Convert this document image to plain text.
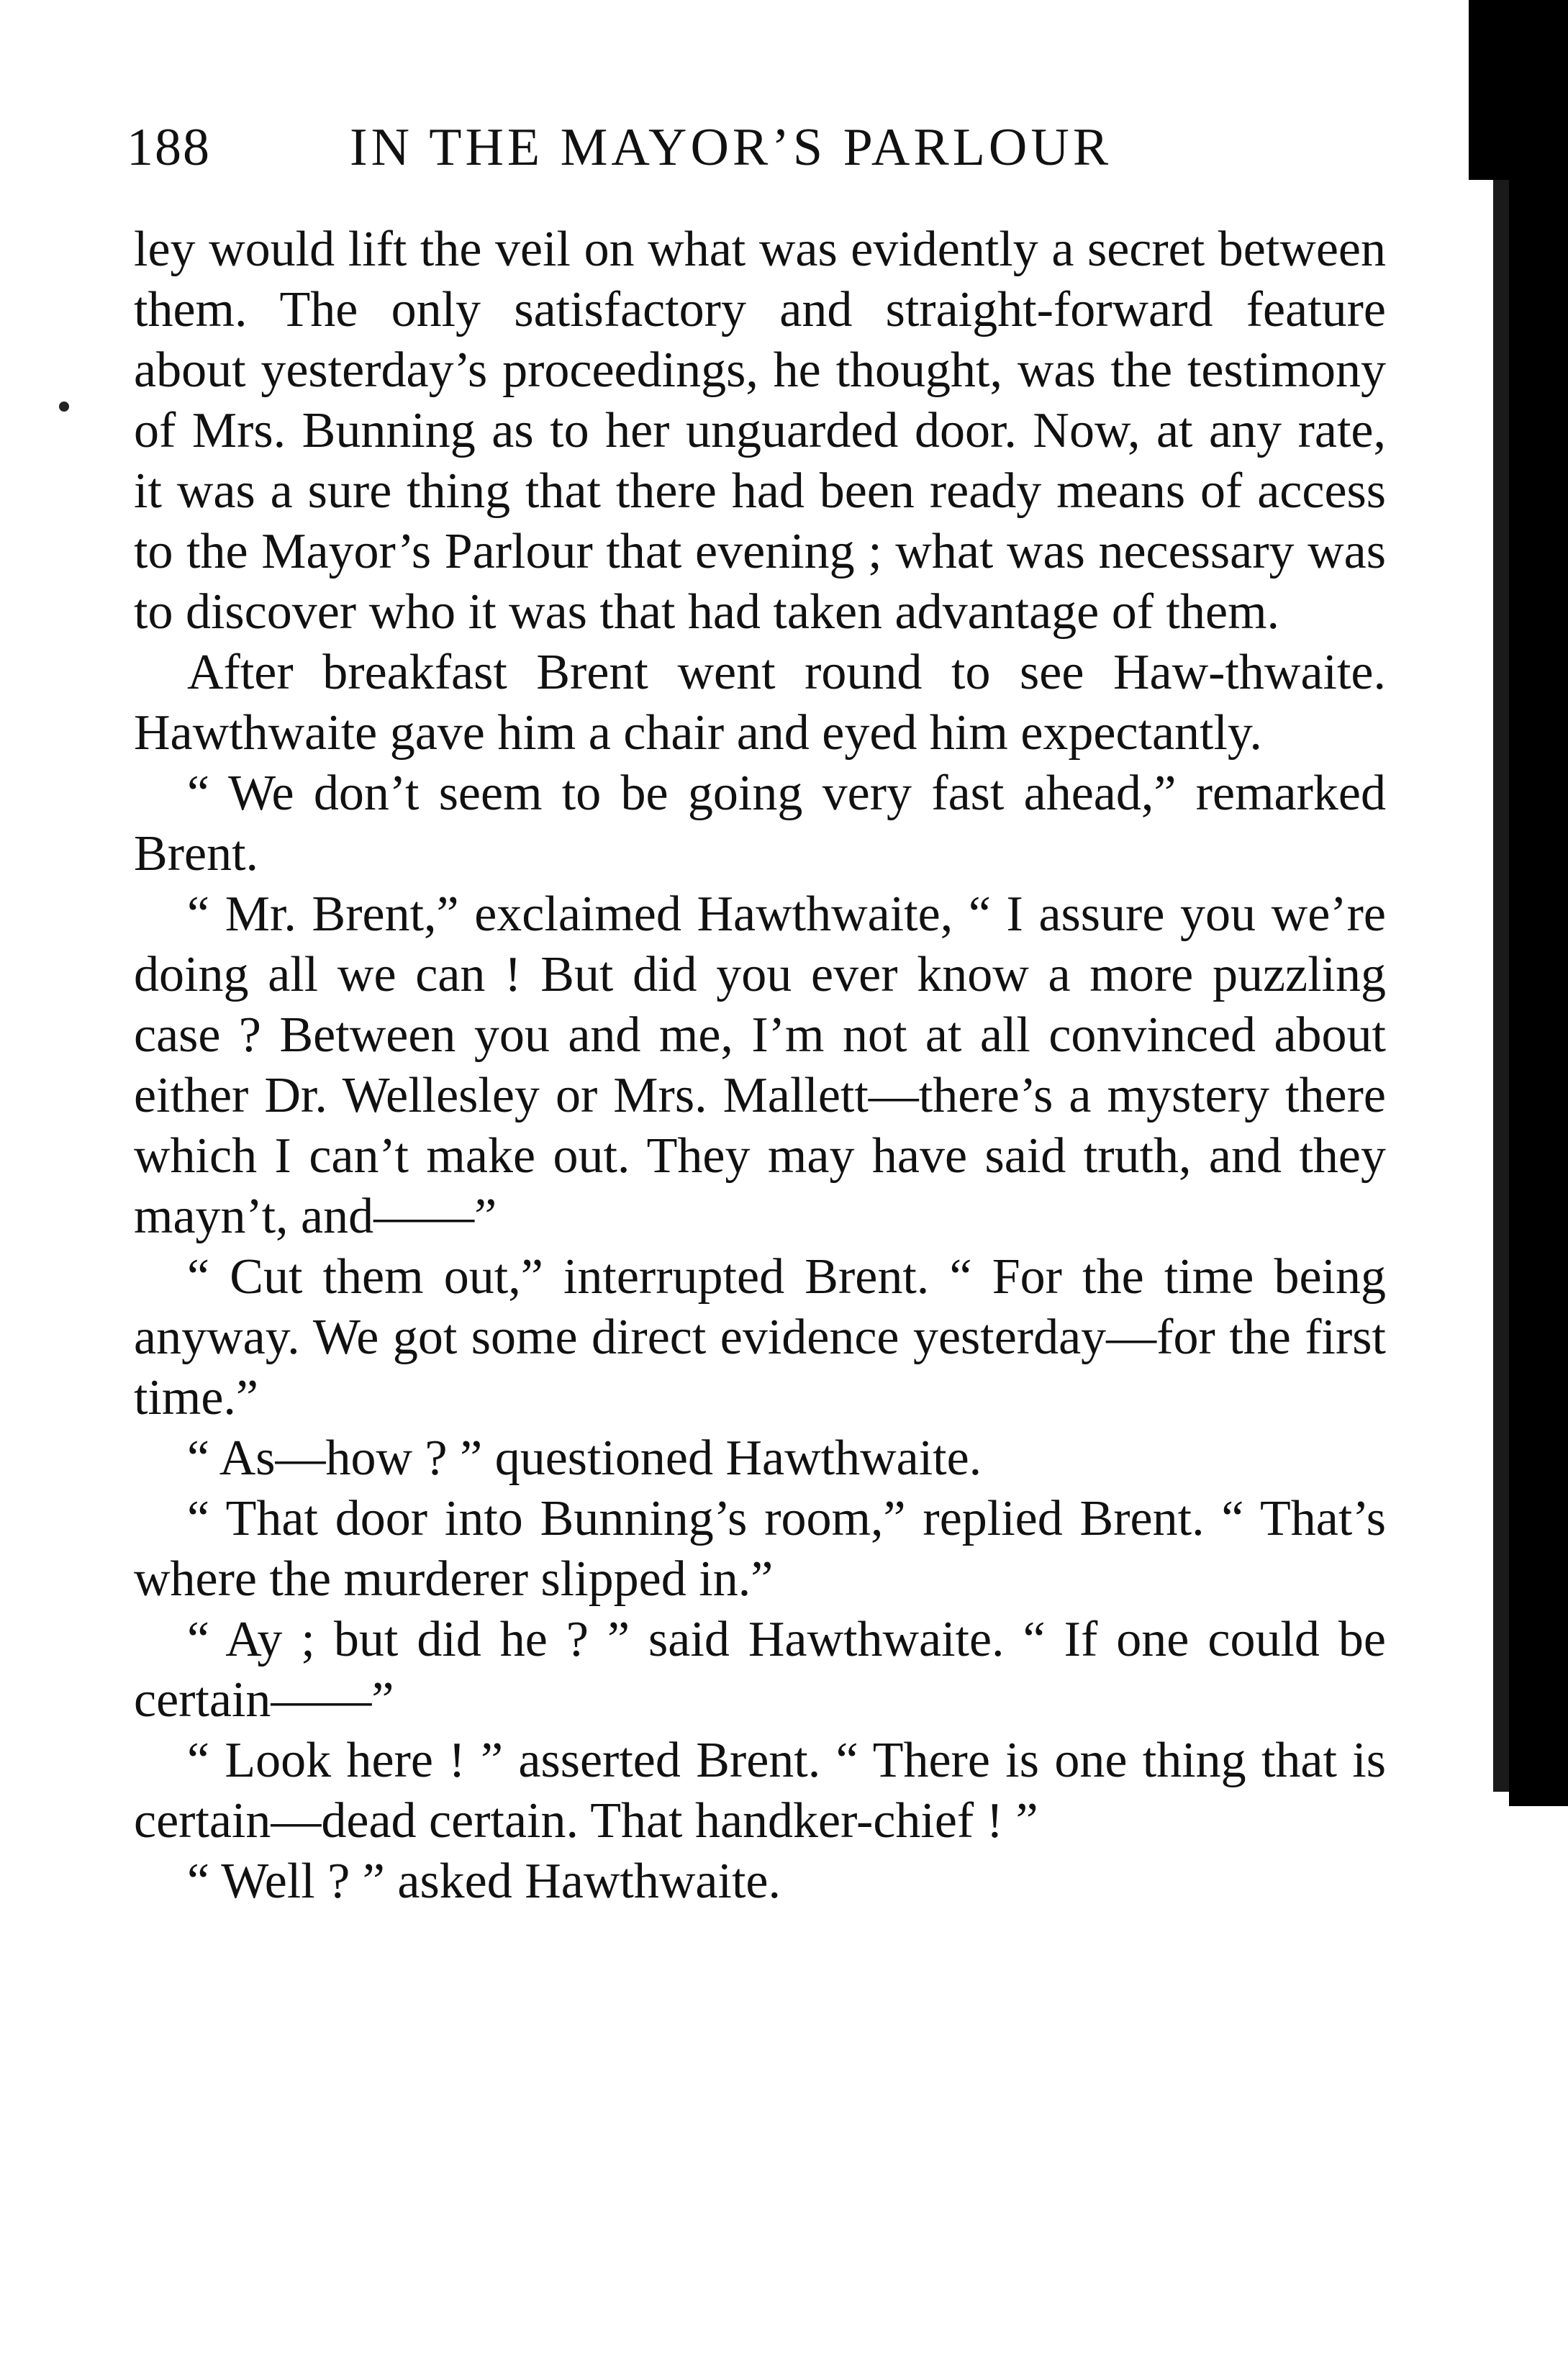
188	IN THE MAYOR’S PARLOUR

ley would lift the veil on what was evidently a secret between them. The only satisfactory and straight-forward feature about yesterday’s proceedings, he thought, was the testimony of Mrs. Bunning as to her unguarded door. Now, at any rate, it was a sure thing that there had been ready means of access to the Mayor’s Parlour that evening ; what was necessary was to discover who it was that had taken advantage of them.

After breakfast Brent went round to see Haw-thwaite. Hawthwaite gave him a chair and eyed him expectantly.

“ We don’t seem to be going very fast ahead,” remarked Brent.

“ Mr. Brent,” exclaimed Hawthwaite, “ I assure you we’re doing all we can ! But did you ever know a more puzzling case ? Between you and me, I’m not at all convinced about either Dr. Wellesley or Mrs. Mallett—there’s a mystery there which I can’t make out. They may have said truth, and they mayn’t, and——”

“ Cut them out,” interrupted Brent. “ For the time being anyway. We got some direct evidence yesterday—for the first time.”

“ As—how ? ” questioned Hawthwaite.

“ That door into Bunning’s room,” replied Brent. “ That’s where the murderer slipped in.”

“ Ay ; but did he ? ” said Hawthwaite. “ If one could be certain——”

“ Look here ! ” asserted Brent. “ There is one thing that is certain—dead certain. That handker-chief ! ”

“ Well ? ” asked Hawthwaite.
